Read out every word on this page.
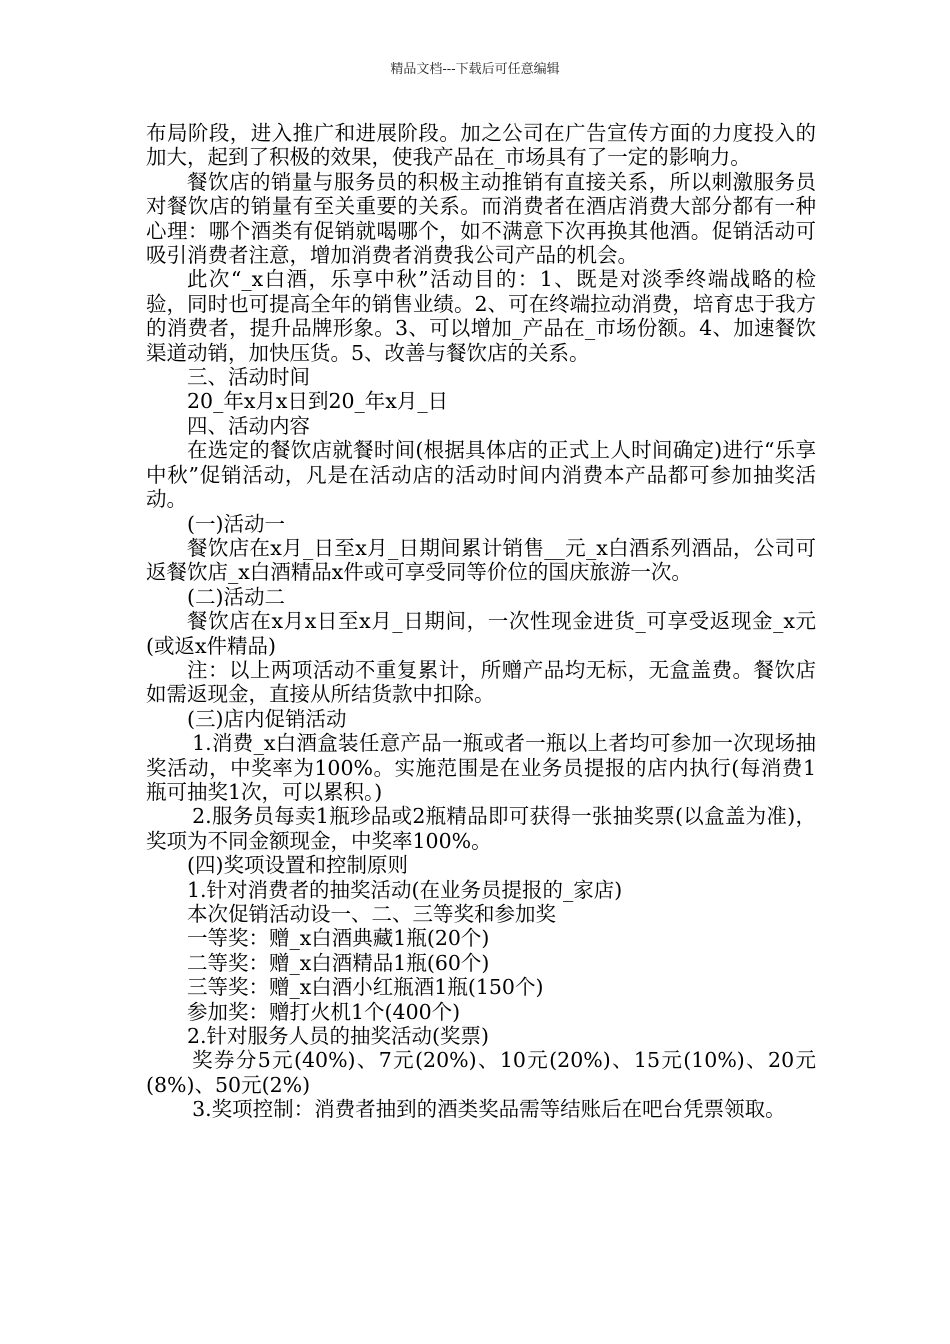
精品文档---下载后可任意编辑

布局阶段，进入推广和进展阶段。加之公司在广告宣传方面的力度投入的加大，起到了积极的效果，使我产品在_市场具有了一定的影响力。

餐饮店的销量与服务员的积极主动推销有直接关系，所以刺激服务员对餐饮店的销量有至关重要的关系。而消费者在酒店消费大部分都有一种心理：哪个酒类有促销就喝哪个，如不满意下次再换其他酒。促销活动可吸引消费者注意，增加消费者消费我公司产品的机会。

此次“_x白酒，乐享中秋”活动目的：1、既是对淡季终端战略的检验，同时也可提高全年的销售业绩。2、可在终端拉动消费，培育忠于我方的消费者，提升品牌形象。3、可以增加_产品在_市场份额。4、加速餐饮渠道动销，加快压货。5、改善与餐饮店的关系。

三、活动时间

20_年x月x日到20_年x月_日

四、活动内容

在选定的餐饮店就餐时间(根据具体店的正式上人时间确定)进行“乐享中秋”促销活动，凡是在活动店的活动时间内消费本产品都可参加抽奖活动。

(一)活动一

餐饮店在x月_日至x月_日期间累计销售__元_x白酒系列酒品，公司可返餐饮店_x白酒精品x件或可享受同等价位的国庆旅游一次。

(二)活动二

餐饮店在x月x日至x月_日期间，一次性现金进货_可享受返现金_x元(或返x件精品)

注：以上两项活动不重复累计，所赠产品均无标，无盒盖费。餐饮店如需返现金，直接从所结货款中扣除。

(三)店内促销活动

1.消费_x白酒盒装任意产品一瓶或者一瓶以上者均可参加一次现场抽奖活动，中奖率为100%。实施范围是在业务员提报的店内执行(每消费1瓶可抽奖1次，可以累积。)

2.服务员每卖1瓶珍品或2瓶精品即可获得一张抽奖票(以盒盖为准)，奖项为不同金额现金，中奖率100%。

(四)奖项设置和控制原则

1.针对消费者的抽奖活动(在业务员提报的_家店)

本次促销活动设一、二、三等奖和参加奖

一等奖：赠_x白酒典藏1瓶(20个)

二等奖：赠_x白酒精品1瓶(60个)

三等奖：赠_x白酒小红瓶酒1瓶(150个)

参加奖：赠打火机1个(400个)

2.针对服务人员的抽奖活动(奖票)

奖券分5元(40%)、7元(20%)、10元(20%)、15元(10%)、20元(8%)、50元(2%)

3.奖项控制：消费者抽到的酒类奖品需等结账后在吧台凭票领取。
